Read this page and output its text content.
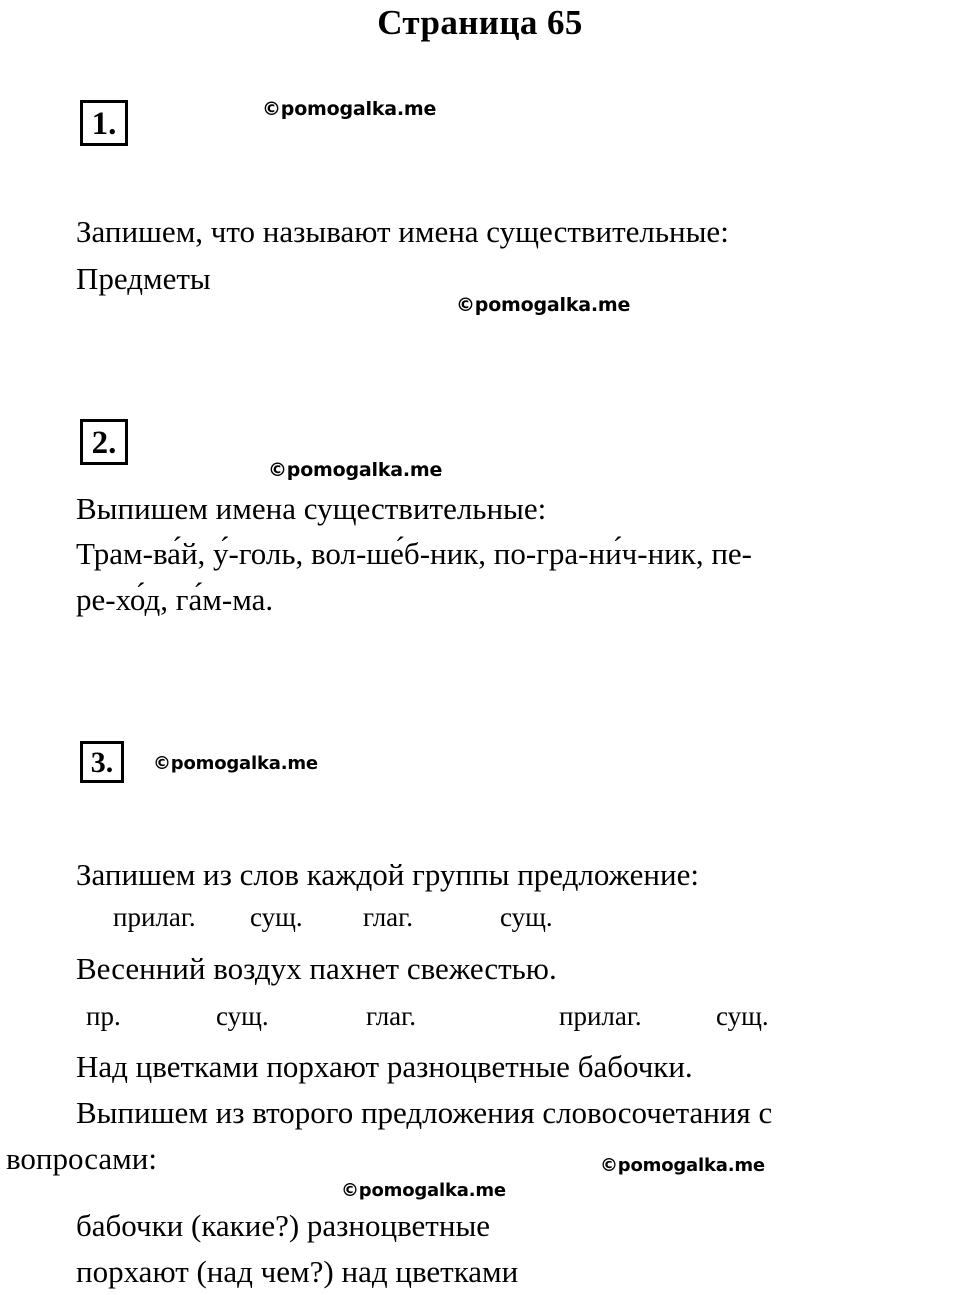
Страница 65
1.	©pomogalka.me
Запишем, что называют имена существительные:
Предметы
©pomogalka.me
2.
©pomogalka.me
Выпишем имена существительные:
Трам-ва́й, у́-голь, вол-ше́б-ник, по-гра-ни́ч-ник, пе-
ре-хо́д, га́м-ма.
3.	©pomogalka.me
Запишем из слов каждой группы предложение:
прилаг. сущ. глаг.	сущ.
Весенний воздух пахнет свежестью.
пр.	сущ.	глаг.	прилаг.	сущ.
Над цветками порхают разноцветные бабочки.
Выпишем из второго предложения словосочетания с
вопросами:	©pomogalka.me
©pomogalka.me
бабочки (какие?) разноцветные
порхают (над чем?) над цветками
